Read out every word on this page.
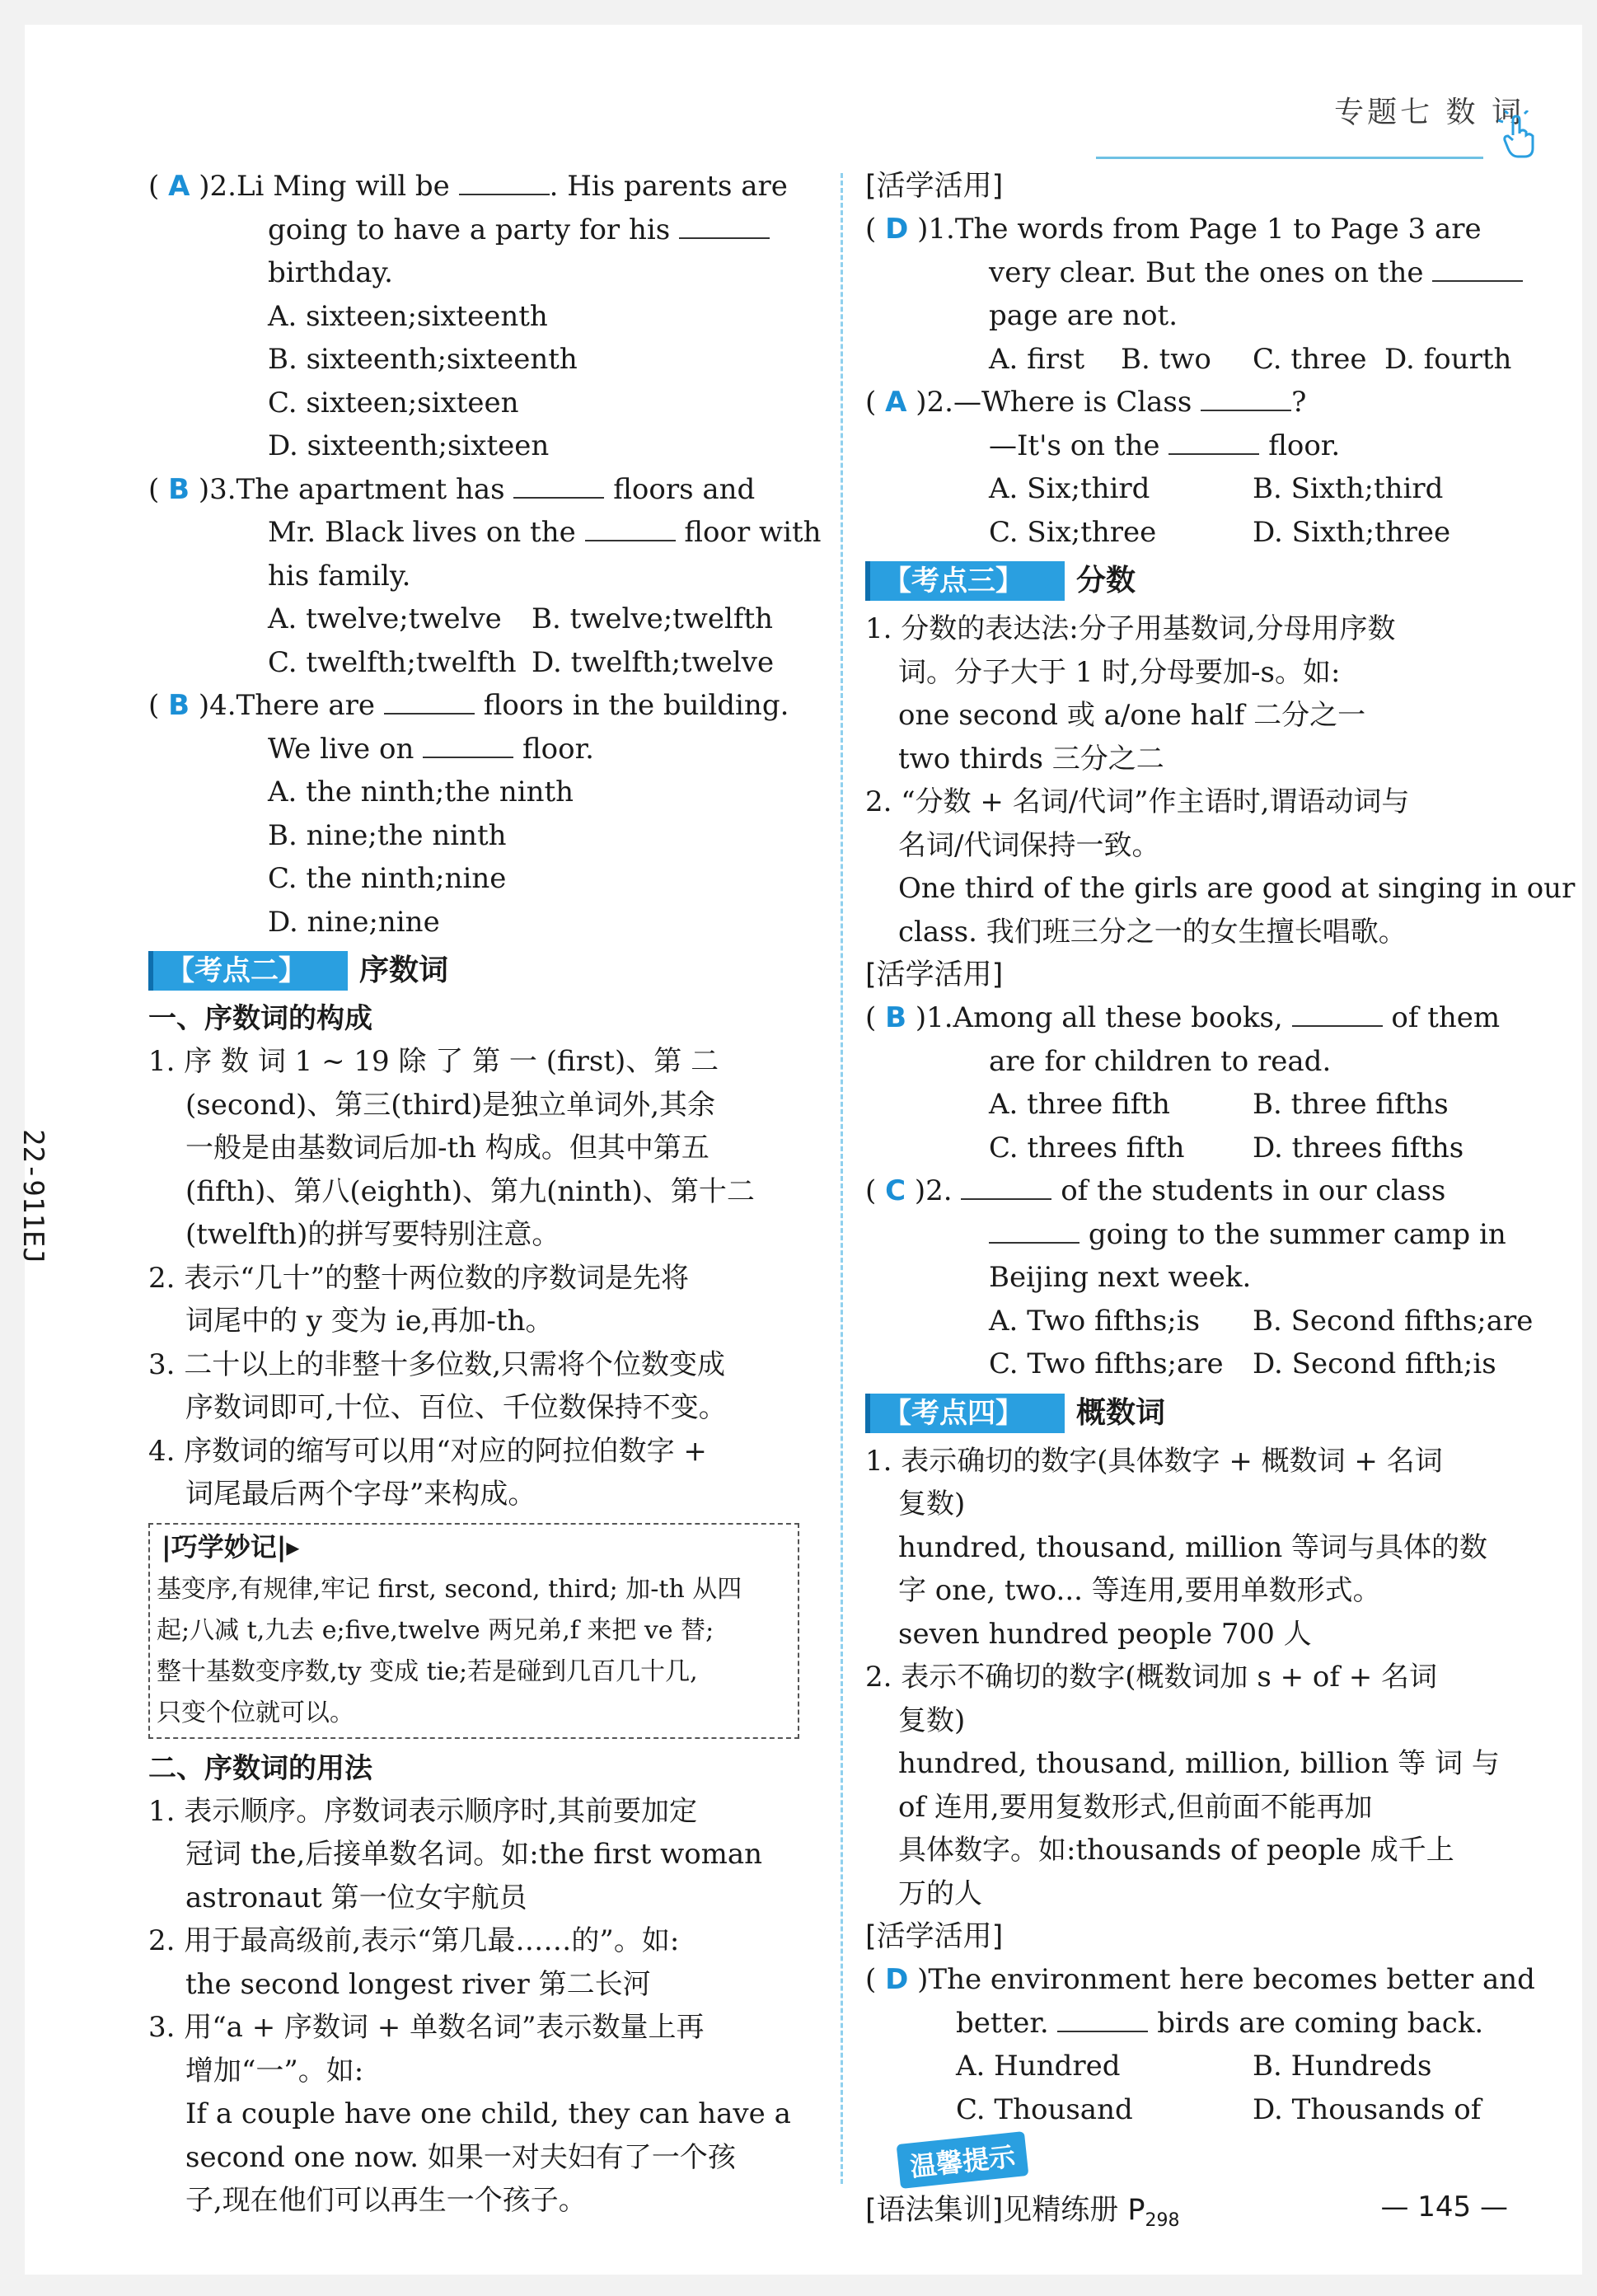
专题七 数 词
22-911EJ
( A )2.Li Ming will be	. His parents are
going to have a party for his
birthday.
A. sixteen;sixteenth
B. sixteenth;sixteenth
C. sixteen;sixteen
D. sixteenth;sixteen
( B )3.The apartment has	floors and
Mr. Black lives on the	floor with
his family.
A. twelve;twelve B. twelve;twelfth
C. twelfth;twelfth D. twelfth;twelve
( B )4.There are	floors in the building.
We live on	floor.
A. the ninth;the ninth
B. nine;the ninth
C. the ninth;nine
D. nine;nine
【考点二】 序数词
一、序数词的构成
1. 序 数 词 1 ~ 19 除 了 第 一 (first)、第 二
(second)、第三(third)是独立单词外,其余
一般是由基数词后加-th 构成。但其中第五
(fifth)、第八(eighth)、第九(ninth)、第十二
(twelfth)的拼写要特别注意。
2. 表示“几十”的整十两位数的序数词是先将
词尾中的 y 变为 ie,再加-th。
3. 二十以上的非整十多位数,只需将个位数变成
序数词即可,十位、百位、千位数保持不变。
4. 序数词的缩写可以用“对应的阿拉伯数字 +
词尾最后两个字母”来构成。
|巧学妙记|▸
基变序,有规律,牢记 first, second, third; 加-th 从四
起;八减 t,九去 e;five,twelve 两兄弟,f 来把 ve 替;
整十基数变序数,ty 变成 tie;若是碰到几百几十几,
只变个位就可以。
二、序数词的用法
1. 表示顺序。序数词表示顺序时,其前要加定
冠词 the,后接单数名词。如:the first woman
astronaut 第一位女宇航员
2. 用于最高级前,表示“第几最……的”。如:
the second longest river 第二长河
3. 用“a + 序数词 + 单数名词”表示数量上再
增加“一”。如:
If a couple have one child, they can have a
second one now. 如果一对夫妇有了一个孩
子,现在他们可以再生一个孩子。
[活学活用]
( D )1.The words from Page 1 to Page 3 are
very clear. But the ones on the
page are not.
A. first B. two C. three D. fourth
( A )2.—Where is Class	?
—It's on the	floor.
A. Six;third	B. Sixth;third
C. Six;three	D. Sixth;three
【考点三】 分数
1. 分数的表达法:分子用基数词,分母用序数
词。分子大于 1 时,分母要加-s。如:
one second 或 a/one half 二分之一
two thirds 三分之二
2. “分数 + 名词/代词”作主语时,谓语动词与
名词/代词保持一致。
One third of the girls are good at singing in our
class. 我们班三分之一的女生擅长唱歌。
[活学活用]
( B )1.Among all these books,	of them
are for children to read.
A. three fifth	B. three fifths
C. threes fifth D. threes fifths
( C )2.	of the students in our class
going to the summer camp in
Beijing next week.
A. Two fifths;is B. Second fifths;are
C. Two fifths;are D. Second fifth;is
【考点四】 概数词
1. 表示确切的数字(具体数字 + 概数词 + 名词
复数)
hundred, thousand, million 等词与具体的数
字 one, two... 等连用,要用单数形式。
seven hundred people 700 人
2. 表示不确切的数字(概数词加 s + of + 名词
复数)
hundred, thousand, million, billion 等 词 与
of 连用,要用复数形式,但前面不能再加
具体数字。如:thousands of people 成千上
万的人
[活学活用]
( D )The environment here becomes better and
better.	birds are coming back.
A. Hundred	B. Hundreds
C. Thousand	D. Thousands of
温馨提示
[语法集训]见精练册 $P_{298}$	— 145 —
